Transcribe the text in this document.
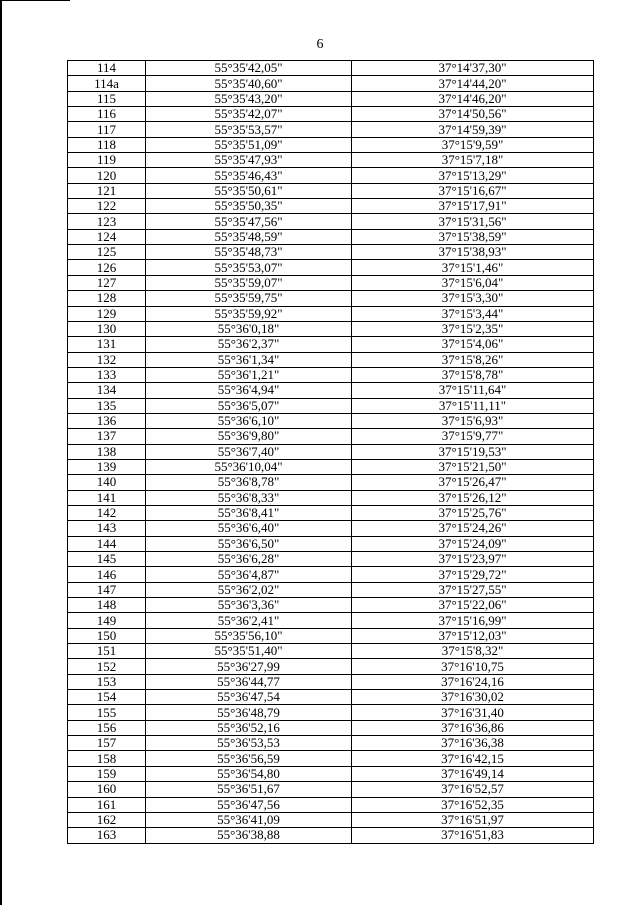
6
114	55°35'42,05"	37°14'37,30"
114а	55°35'40,60"	37°14'44,20"
115	55°35'43,20"	37°14'46,20"
116	55°35'42,07"	37°14'50,56"
117	55°35'53,57"	37°14'59,39"
118	55°35'51,09"	37°15'9,59"
119	55°35'47,93"	37°15'7,18"
120	55°35'46,43"	37°15'13,29"
121	55°35'50,61"	37°15'16,67"
122	55°35'50,35"	37°15'17,91"
123	55°35'47,56"	37°15'31,56"
124	55°35'48,59"	37°15'38,59"
125	55°35'48,73"	37°15'38,93"
126	55°35'53,07"	37°15'1,46"
127	55°35'59,07"	37°15'6,04"
128	55°35'59,75"	37°15'3,30"
129	55°35'59,92"	37°15'3,44"
130	55°36'0,18"	37°15'2,35"
131	55°36'2,37"	37°15'4,06"
132	55°36'1,34"	37°15'8,26"
133	55°36'1,21"	37°15'8,78"
134	55°36'4,94"	37°15'11,64"
135	55°36'5,07"	37°15'11,11"
136	55°36'6,10"	37°15'6,93"
137	55°36'9,80"	37°15'9,77"
138	55°36'7,40"	37°15'19,53"
139	55°36'10,04"	37°15'21,50"
140	55°36'8,78"	37°15'26,47"
141	55°36'8,33"	37°15'26,12"
142	55°36'8,41"	37°15'25,76"
143	55°36'6,40"	37°15'24,26"
144	55°36'6,50"	37°15'24,09"
145	55°36'6,28"	37°15'23,97"
146	55°36'4,87"	37°15'29,72"
147	55°36'2,02"	37°15'27,55"
148	55°36'3,36"	37°15'22,06"
149	55°36'2,41"	37°15'16,99"
150	55°35'56,10"	37°15'12,03"
151	55°35'51,40"	37°15'8,32"
152	55°36'27,99	37°16'10,75
153	55°36'44,77	37°16'24,16
154	55°36'47,54	37°16'30,02
155	55°36'48,79	37°16'31,40
156	55°36'52,16	37°16'36,86
157	55°36'53,53	37°16'36,38
158	55°36'56,59	37°16'42,15
159	55°36'54,80	37°16'49,14
160	55°36'51,67	37°16'52,57
161	55°36'47,56	37°16'52,35
162	55°36'41,09	37°16'51,97
163	55°36'38,88	37°16'51,83
